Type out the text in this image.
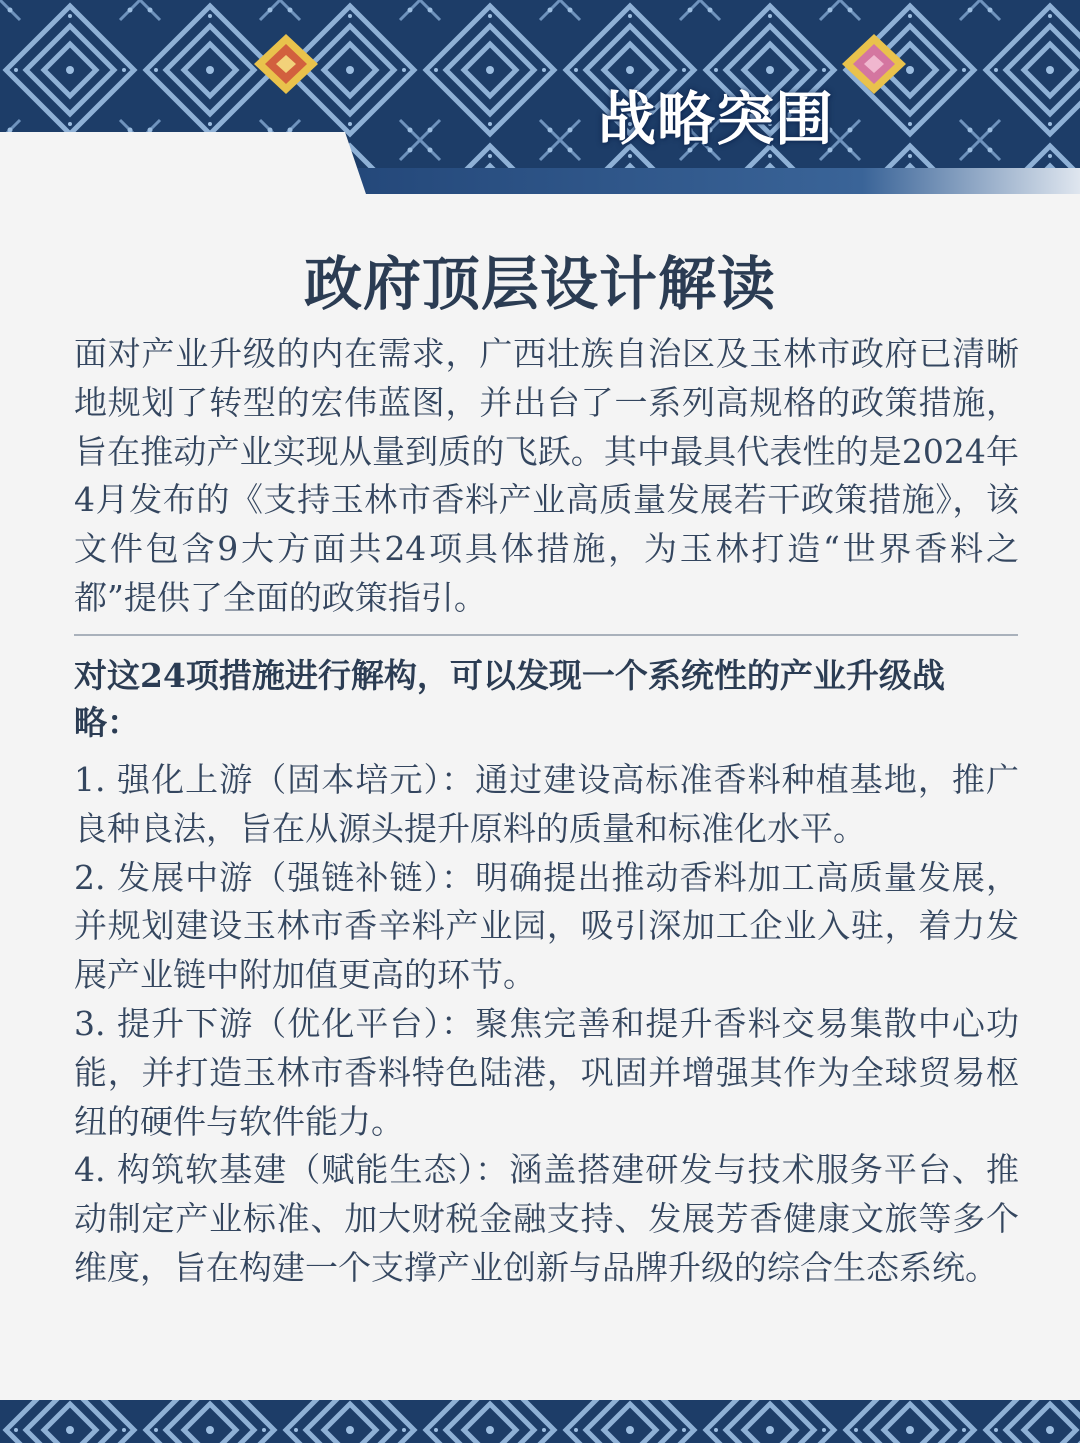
战略突围
政府顶层设计解读

面对产业升级的内在需求，广西壮族自治区及玉林市政府已清晰地规划了转型的宏伟蓝图，并出台了一系列高规格的政策措施，旨在推动产业实现从量到质的飞跃。其中最具代表性的是2024年4月发布的《支持玉林市香料产业高质量发展若干政策措施》，该文件包含9大方面共24项具体措施，为玉林打造“世界香料之都”提供了全面的政策指引。

对这24项措施进行解构，可以发现一个系统性的产业升级战略：

1. 强化上游（固本培元）：通过建设高标准香料种植基地，推广良种良法，旨在从源头提升原料的质量和标准化水平。
2. 发展中游（强链补链）：明确提出推动香料加工高质量发展，并规划建设玉林市香辛料产业园，吸引深加工企业入驻，着力发展产业链中附加值更高的环节。
3. 提升下游（优化平台）：聚焦完善和提升香料交易集散中心功能，并打造玉林市香料特色陆港，巩固并增强其作为全球贸易枢纽的硬件与软件能力。
4. 构筑软基建（赋能生态）：涵盖搭建研发与技术服务平台、推动制定产业标准、加大财税金融支持、发展芳香健康文旅等多个维度，旨在构建一个支撑产业创新与品牌升级的综合生态系统。
